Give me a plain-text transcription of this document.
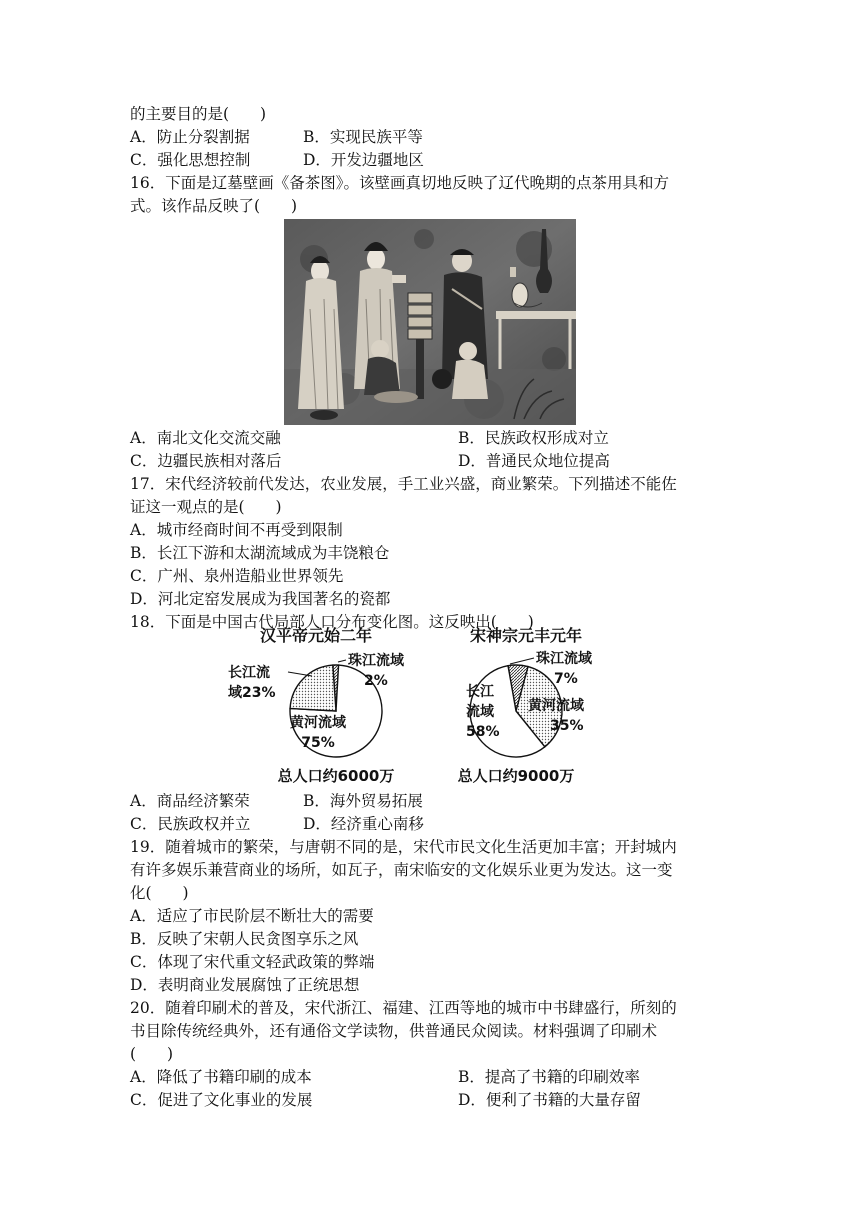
的主要目的是(　　)
A．防止分裂割据	B．实现民族平等
C．强化思想控制	D．开发边疆地区
16．下面是辽墓壁画《备茶图》。该壁画真切地反映了辽代晚期的点茶用具和方
式。该作品反映了(　　)
A．南北文化交流交融	B．民族政权形成对立
C．边疆民族相对落后	D．普通民众地位提高
17．宋代经济较前代发达，农业发展，手工业兴盛，商业繁荣。下列描述不能佐
证这一观点的是(　　)
A．城市经商时间不再受到限制
B．长江下游和太湖流域成为丰饶粮仓
C．广州、泉州造船业世界领先
D．河北定窑发展成为我国著名的瓷都
18．下面是中国古代局部人口分布变化图。这反映出(　　)
汉平帝元始二年
长江流
域23%
珠江流域
2%
黄河流域
75%
总人口约6000万
宋神宗元丰元年
珠江流域
7%
黄河流域
35%
长江
流域
58%
总人口约9000万
A．商品经济繁荣	B．海外贸易拓展
C．民族政权并立	D．经济重心南移
19．随着城市的繁荣，与唐朝不同的是，宋代市民文化生活更加丰富；开封城内
有许多娱乐兼营商业的场所，如瓦子，南宋临安的文化娱乐业更为发达。这一变
化(　　)
A．适应了市民阶层不断壮大的需要
B．反映了宋朝人民贪图享乐之风
C．体现了宋代重文轻武政策的弊端
D．表明商业发展腐蚀了正统思想
20．随着印刷术的普及，宋代浙江、福建、江西等地的城市中书肆盛行，所刻的
书目除传统经典外，还有通俗文学读物，供普通民众阅读。材料强调了印刷术
(　　)
A．降低了书籍印刷的成本	B．提高了书籍的印刷效率
C．促进了文化事业的发展	D．便利了书籍的大量存留
